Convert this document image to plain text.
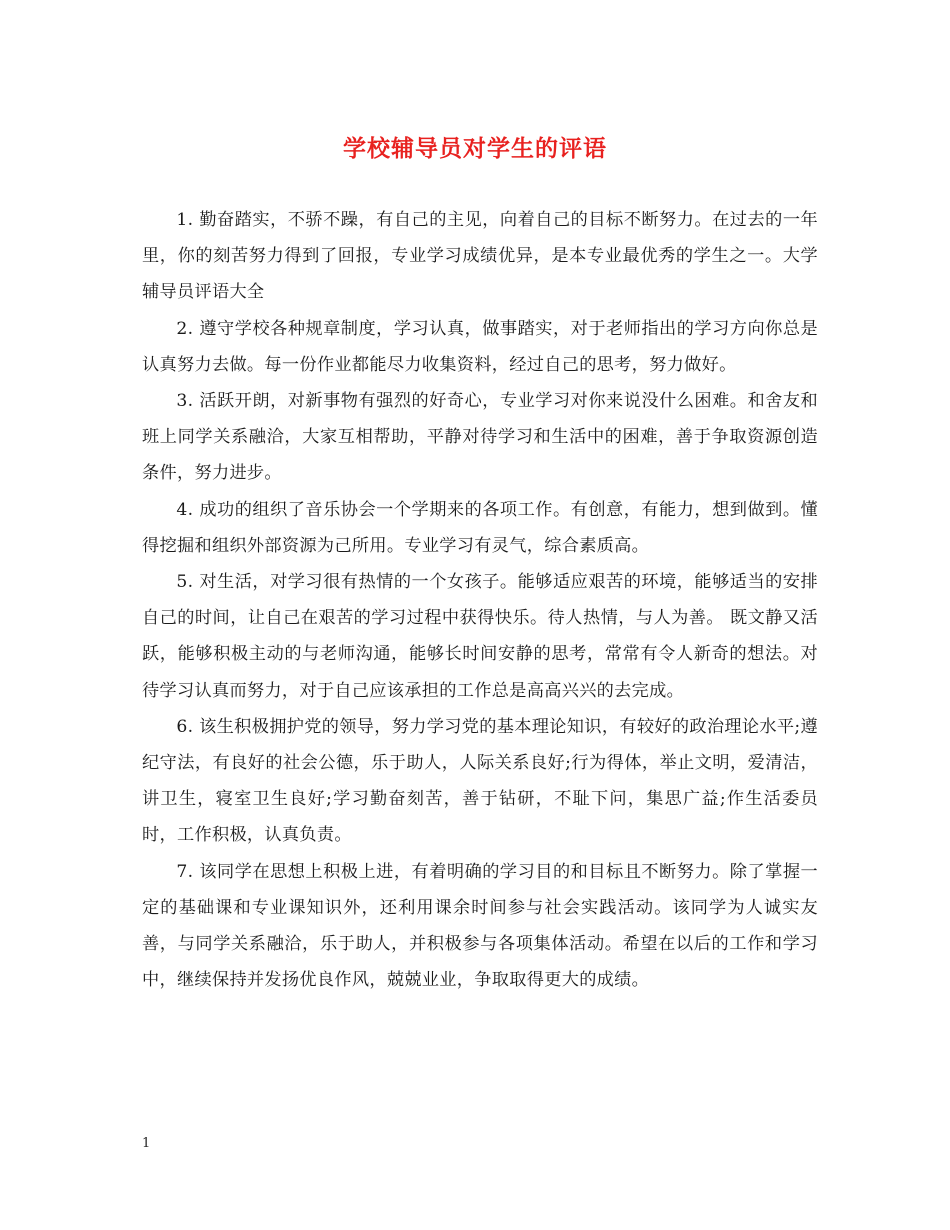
学校辅导员对学生的评语

1. 勤奋踏实，不骄不躁，有自己的主见，向着自己的目标不断努力。在过去的一年里，你的刻苦努力得到了回报，专业学习成绩优异，是本专业最优秀的学生之一。大学辅导员评语大全

2. 遵守学校各种规章制度，学习认真，做事踏实，对于老师指出的学习方向你总是认真努力去做。每一份作业都能尽力收集资料，经过自己的思考，努力做好。

3. 活跃开朗，对新事物有强烈的好奇心，专业学习对你来说没什么困难。和舍友和班上同学关系融洽，大家互相帮助，平静对待学习和生活中的困难，善于争取资源创造条件，努力进步。

4. 成功的组织了音乐协会一个学期来的各项工作。有创意，有能力，想到做到。懂得挖掘和组织外部资源为己所用。专业学习有灵气，综合素质高。

5. 对生活，对学习很有热情的一个女孩子。能够适应艰苦的环境，能够适当的安排自己的时间，让自己在艰苦的学习过程中获得快乐。待人热情，与人为善。 既文静又活跃，能够积极主动的与老师沟通，能够长时间安静的思考，常常有令人新奇的想法。对待学习认真而努力，对于自己应该承担的工作总是高高兴兴的去完成。

6. 该生积极拥护党的领导，努力学习党的基本理论知识，有较好的政治理论水平;遵纪守法，有良好的社会公德，乐于助人，人际关系良好;行为得体，举止文明，爱清洁，讲卫生，寝室卫生良好;学习勤奋刻苦，善于钻研，不耻下问，集思广益;作生活委员时，工作积极，认真负责。

7. 该同学在思想上积极上进，有着明确的学习目的和目标且不断努力。除了掌握一定的基础课和专业课知识外，还利用课余时间参与社会实践活动。该同学为人诚实友善，与同学关系融洽，乐于助人，并积极参与各项集体活动。希望在以后的工作和学习中，继续保持并发扬优良作风，兢兢业业，争取取得更大的成绩。

1
